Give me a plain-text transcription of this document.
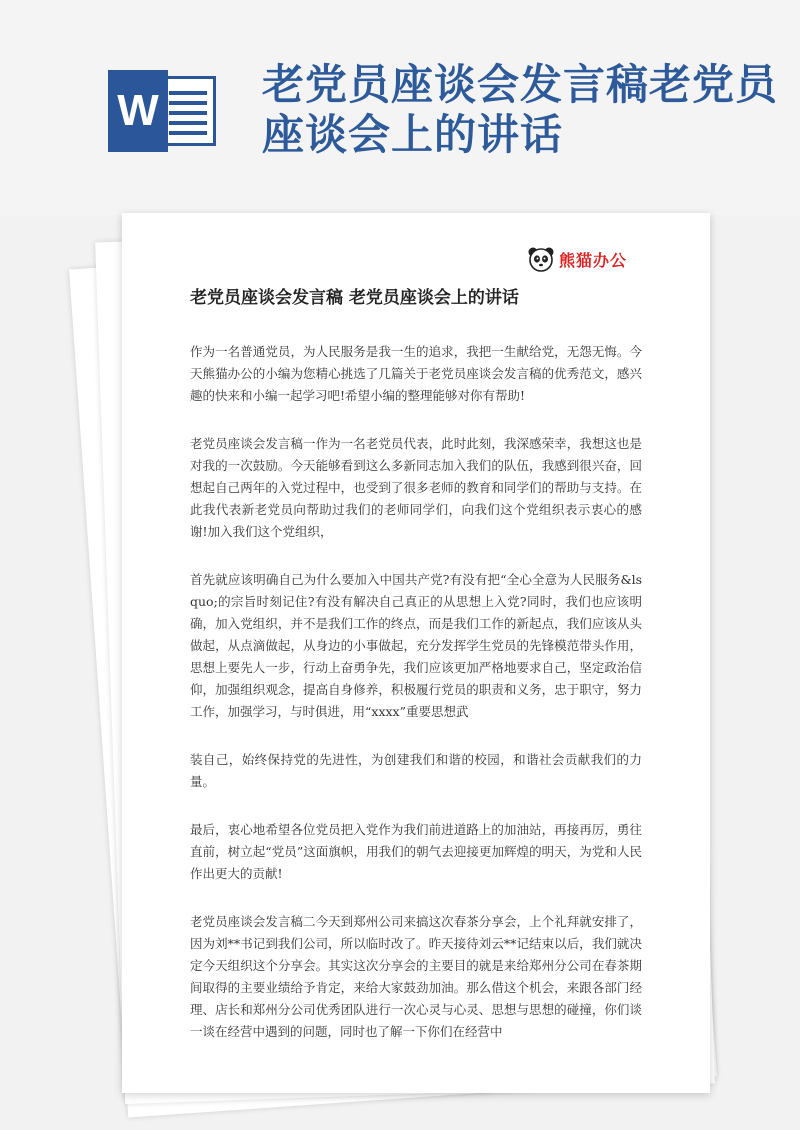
W
老党员座谈会发言稿老党员座谈会上的讲话
熊猫办公
老党员座谈会发言稿 老党员座谈会上的讲话

作为一名普通党员，为人民服务是我一生的追求，我把一生献给党，无怨无悔。今天熊猫办公的小编为您精心挑选了几篇关于老党员座谈会发言稿的优秀范文，感兴趣的快来和小编一起学习吧!希望小编的整理能够对你有帮助!

老党员座谈会发言稿一作为一名老党员代表，此时此刻，我深感荣幸，我想这也是对我的一次鼓励。今天能够看到这么多新同志加入我们的队伍，我感到很兴奋，回想起自己两年的入党过程中，也受到了很多老师的教育和同学们的帮助与支持。在此我代表新老党员向帮助过我们的老师同学们，向我们这个党组织表示衷心的感谢!加入我们这个党组织，

首先就应该明确自己为什么要加入中国共产党?有没有把“全心全意为人民服务&lsquo;的宗旨时刻记住?有没有解决自己真正的从思想上入党?同时，我们也应该明确，加入党组织，并不是我们工作的终点，而是我们工作的新起点，我们应该从头做起，从点滴做起，从身边的小事做起，充分发挥学生党员的先锋模范带头作用，思想上要先人一步，行动上奋勇争先，我们应该更加严格地要求自己，坚定政治信仰，加强组织观念，提高自身修养，积极履行党员的职责和义务，忠于职守，努力工作，加强学习，与时俱进，用“xxxx”重要思想武

装自己，始终保持党的先进性，为创建我们和谐的校园，和谐社会贡献我们的力量。

最后，衷心地希望各位党员把入党作为我们前进道路上的加油站，再接再厉，勇往直前，树立起“党员”这面旗帜，用我们的朝气去迎接更加辉煌的明天，为党和人民作出更大的贡献!

老党员座谈会发言稿二今天到郑州公司来搞这次春茶分享会，上个礼拜就安排了，因为刘**书记到我们公司，所以临时改了。昨天接待刘云**记结束以后，我们就决定今天组织这个分享会。其实这次分享会的主要目的就是来给郑州分公司在春茶期间取得的主要业绩给予肯定，来给大家鼓劲加油。那么借这个机会，来跟各部门经理、店长和郑州分公司优秀团队进行一次心灵与心灵、思想与思想的碰撞，你们谈一谈在经营中遇到的问题，同时也了解一下你们在经营中
